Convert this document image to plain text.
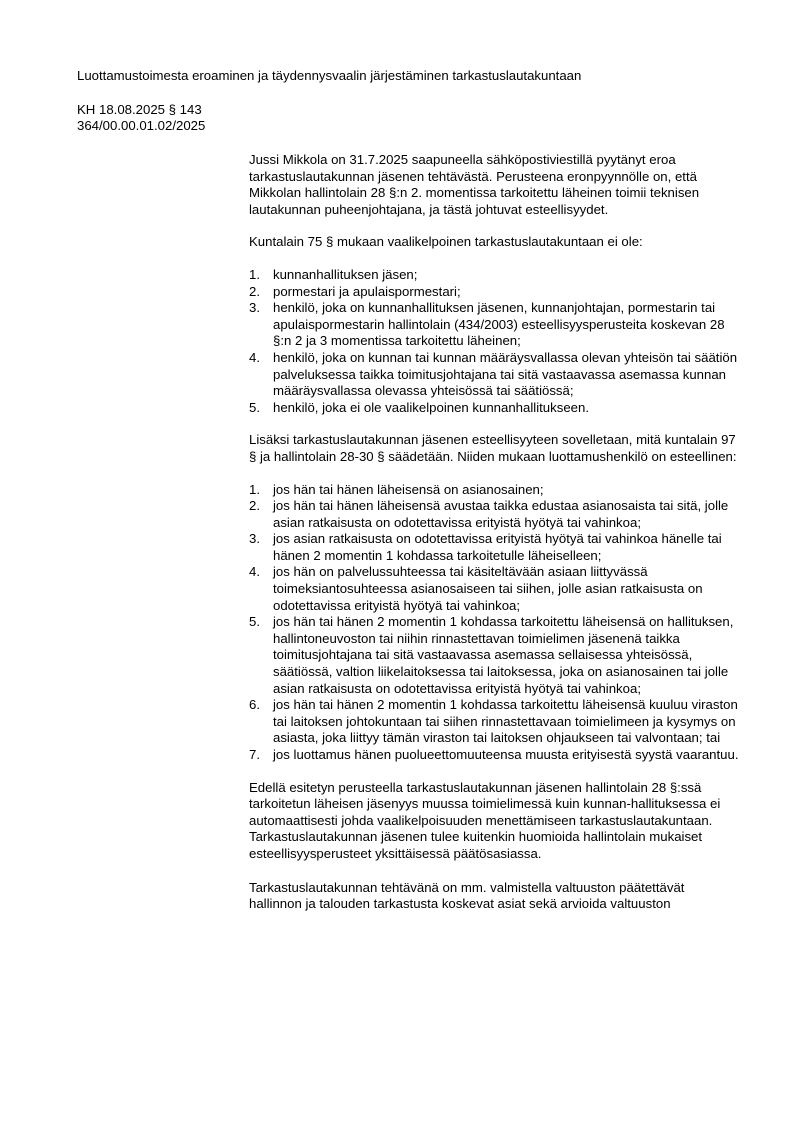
Luottamustoimesta eroaminen ja täydennysvaalin järjestäminen tarkastuslautakuntaan
KH 18.08.2025 § 143
364/00.00.01.02/2025

Jussi Mikkola on 31.7.2025 saapuneella sähköpostiviestillä pyytänyt eroa tarkastuslautakunnan jäsenen tehtävästä. Perusteena eronpyynnölle on, että Mikkolan hallintolain 28 §:n 2. momentissa tarkoitettu läheinen toimii teknisen lautakunnan puheenjohtajana, ja tästä johtuvat esteellisyydet.

Kuntalain 75 § mukaan vaalikelpoinen tarkastuslautakuntaan ei ole:

1. kunnanhallituksen jäsen;
2. pormestari ja apulaispormestari;
3. henkilö, joka on kunnanhallituksen jäsenen, kunnanjohtajan, pormestarin tai apulaispormestarin hallintolain (434/2003) esteellisyysperusteita koskevan 28 §:n 2 ja 3 momentissa tarkoitettu läheinen;
4. henkilö, joka on kunnan tai kunnan määräysvallassa olevan yhteisön tai säätiön palveluksessa taikka toimitusjohtajana tai sitä vastaavassa asemassa kunnan määräysvallassa olevassa yhteisössä tai säätiössä;
5. henkilö, joka ei ole vaalikelpoinen kunnanhallitukseen.

Lisäksi tarkastuslautakunnan jäsenen esteellisyyteen sovelletaan, mitä kuntalain 97 § ja hallintolain 28-30 § säädetään. Niiden mukaan luottamushenkilö on esteellinen:

1. jos hän tai hänen läheisensä on asianosainen;
2. jos hän tai hänen läheisensä avustaa taikka edustaa asianosaista tai sitä, jolle asian ratkaisusta on odotettavissa erityistä hyötyä tai vahinkoa;
3. jos asian ratkaisusta on odotettavissa erityistä hyötyä tai vahinkoa hänelle tai hänen 2 momentin 1 kohdassa tarkoitetulle läheiselleen;
4. jos hän on palvelussuhteessa tai käsiteltävään asiaan liittyvässä toimeksiantosuhteessa asianosaiseen tai siihen, jolle asian ratkaisusta on odotettavissa erityistä hyötyä tai vahinkoa;
5. jos hän tai hänen 2 momentin 1 kohdassa tarkoitettu läheisensä on hallituksen, hallintoneuvoston tai niihin rinnastettavan toimielimen jäsenenä taikka toimitusjohtajana tai sitä vastaavassa asemassa sellaisessa yhteisössä, säätiössä, valtion liikelaitoksessa tai laitoksessa, joka on asianosainen tai jolle asian ratkaisusta on odotettavissa erityistä hyötyä tai vahinkoa;
6. jos hän tai hänen 2 momentin 1 kohdassa tarkoitettu läheisensä kuuluu viraston tai laitoksen johtokuntaan tai siihen rinnastettavaan toimielimeen ja kysymys on asiasta, joka liittyy tämän viraston tai laitoksen ohjaukseen tai valvontaan; tai
7. jos luottamus hänen puolueettomuuteensa muusta erityisestä syystä vaarantuu.

Edellä esitetyn perusteella tarkastuslautakunnan jäsenen hallintolain 28 §:ssä tarkoitetun läheisen jäsenyys muussa toimielimessä kuin kunnan-hallituksessa ei automaattisesti johda vaalikelpoisuuden menettämiseen tarkastuslautakuntaan. Tarkastuslautakunnan jäsenen tulee kuitenkin huomioida hallintolain mukaiset esteellisyysperusteet yksittäisessä päätösasiassa.

Tarkastuslautakunnan tehtävänä on mm. valmistella valtuuston päätettävät hallinnon ja talouden tarkastusta koskevat asiat sekä arvioida valtuuston
